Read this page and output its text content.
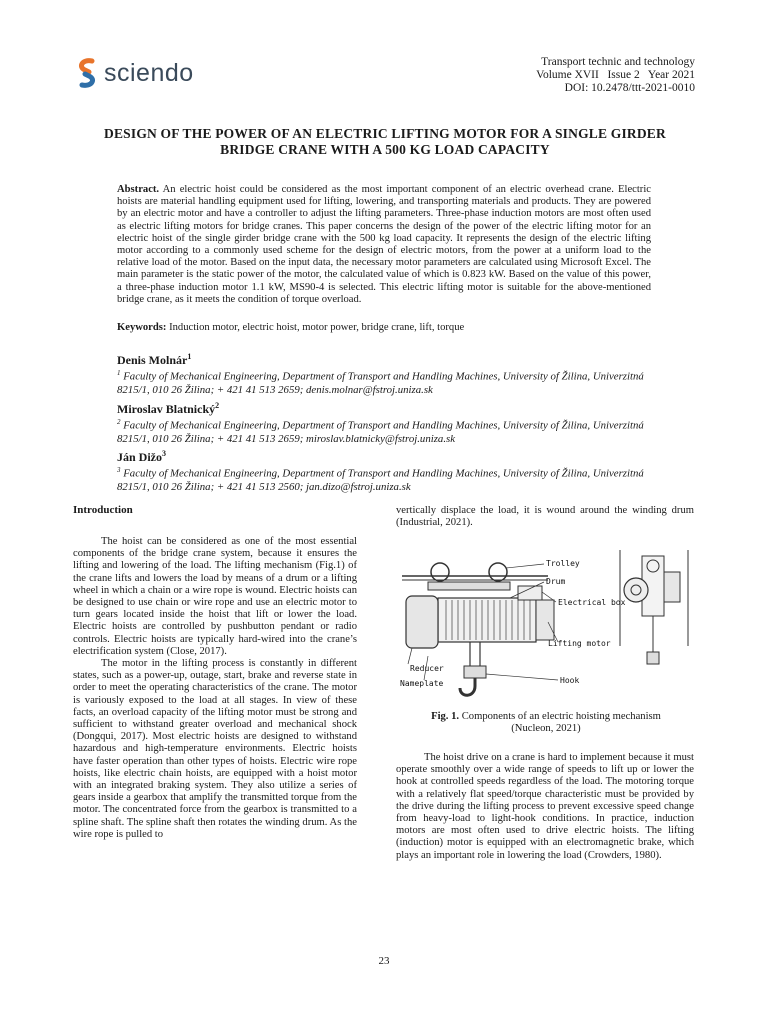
sciendo	Transport technic and technology
Volume XVII   Issue 2   Year 2021
DOI: 10.2478/ttt-2021-0010
DESIGN OF THE POWER OF AN ELECTRIC LIFTING MOTOR FOR A SINGLE GIRDER BRIDGE CRANE WITH A 500 KG LOAD CAPACITY
Abstract. An electric hoist could be considered as the most important component of an electric overhead crane. Electric hoists are material handling equipment used for lifting, lowering, and transporting materials and products. They are powered by an electric motor and have a controller to adjust the lifting parameters. Three-phase induction motors are most often used as electric lifting motors for bridge cranes. This paper concerns the design of the power of the electric lifting motor for an electric hoist of the single girder bridge crane with the 500 kg load capacity. It represents the design of the electric lifting motor according to a commonly used scheme for the design of electric motors, from the power at a uniform load to the relative load of the motor. Based on the input data, the necessary motor parameters are calculated using Microsoft Excel. The main parameter is the static power of the motor, the calculated value of which is 0.823 kW. Based on the value of this power, a three-phase induction motor 1.1 kW, MS90-4 is selected. This electric lifting motor is suitable for the above-mentioned bridge crane, as it meets the condition of torque overload.
Keywords: Induction motor, electric hoist, motor power, bridge crane, lift, torque
Denis Molnár$^1$
$^1$ Faculty of Mechanical Engineering, Department of Transport and Handling Machines, University of Žilina, Univerzitná 8215/1, 010 26 Žilina; + 421 41 513 2659; denis.molnar@fstroj.uniza.sk
Miroslav Blatnický$^2$
$^2$ Faculty of Mechanical Engineering, Department of Transport and Handling Machines, University of Žilina, Univerzitná 8215/1, 010 26 Žilina; + 421 41 513 2659; miroslav.blatnicky@fstroj.uniza.sk
Ján Dižo$^3$
$^3$ Faculty of Mechanical Engineering, Department of Transport and Handling Machines, University of Žilina, Univerzitná 8215/1, 010 26 Žilina; + 421 41 513 2560; jan.dizo@fstroj.uniza.sk
Introduction

The hoist can be considered as one of the most essential components of the bridge crane system, because it ensures the lifting and lowering of the load. The lifting mechanism (Fig.1) of the crane lifts and lowers the load by means of a drum or a lifting wheel in which a chain or a wire rope is wound. Electric hoists can be designed to use chain or wire rope and use an electric motor to turn gears located inside the hoist that lift or lower the load. Electric hoists are controlled by pushbutton pendant or radio controls. Electric hoists are typically hard-wired into the crane’s electrification system (Close, 2017).

The motor in the lifting process is constantly in different states, such as a power-up, outage, start, brake and reverse state in order to meet the operating characteristics of the crane. The motor is variously exposed to the load at all stages. In view of these facts, an overload capacity of the lifting motor must be strong and sufficient to withstand greater overload and mechanical shock (Dongqui, 2017). Most electric hoists are designed to withstand hazardous and high-temperature environments. Electric hoists have faster operation than other types of hoists. Electric wire rope hoists, like electric chain hoists, are equipped with a hoist motor with an integrated braking system. They also utilize a series of gears inside a gearbox that amplify the transmitted torque from the motor. The concentrated force from the gearbox is transmitted to a spline shaft. The spline shaft then rotates the winding drum. As the wire rope is pulled to

vertically displace the load, it is wound around the winding drum (Industrial, 2021).

Trolley
Drum
Electrical box
Lifting motor
Reducer
Nameplate	Hook
Fig. 1. Components of an electric hoisting mechanism
(Nucleon, 2021)

The hoist drive on a crane is hard to implement because it must operate smoothly over a wide range of speeds to lift up or lower the hook at controlled speeds regardless of the load. The motoring torque with a relatively flat speed/torque characteristic must be provided by the drive during the lifting process to prevent excessive speed change from heavy-load to light-hook conditions. In practice, induction motors are most often used to drive electric hoists. The lifting (induction) motor is equipped with an electromagnetic brake, which plays an important role in lowering the load (Crowders, 1980).

23
